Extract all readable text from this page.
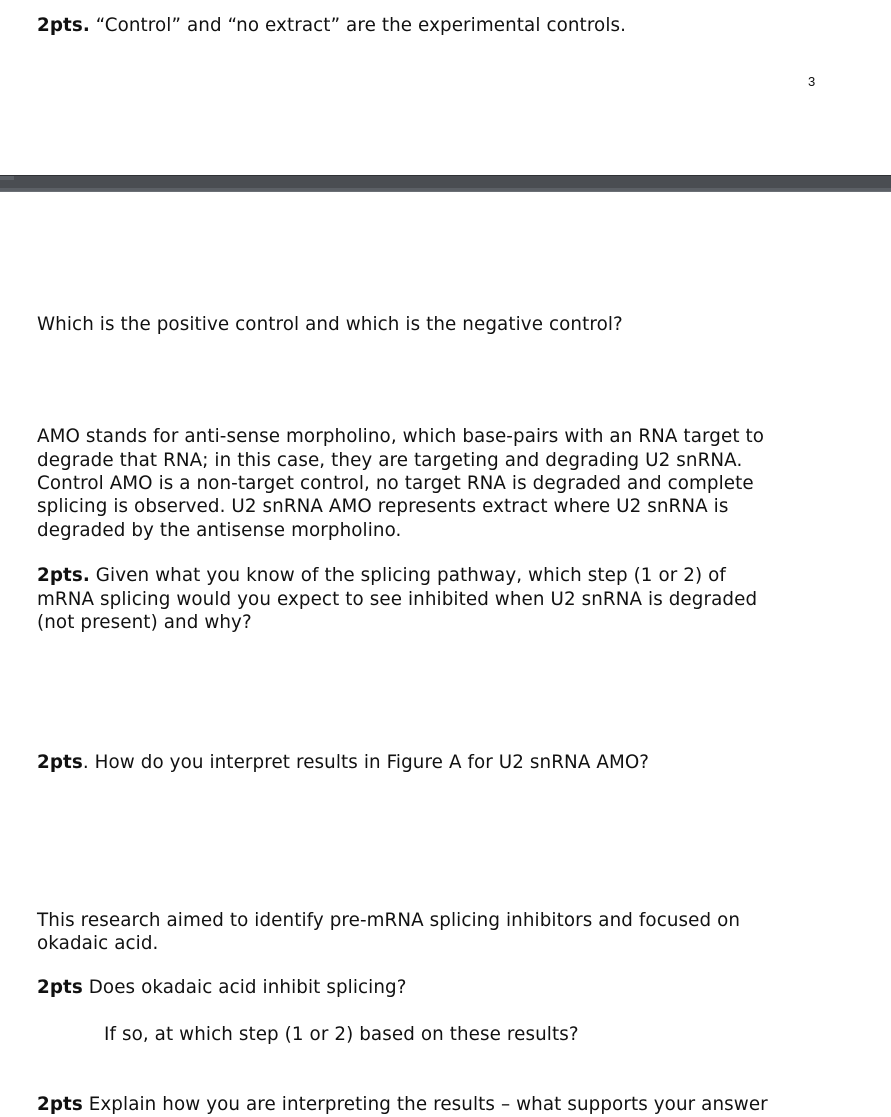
2pts. “Control” and “no extract” are the experimental controls.

3

Which is the positive control and which is the negative control?

AMO stands for anti-sense morpholino, which base-pairs with an RNA target to

degrade that RNA; in this case, they are targeting and degrading U2 snRNA.

Control AMO is a non-target control, no target RNA is degraded and complete

splicing is observed. U2 snRNA AMO represents extract where U2 snRNA is

degraded by the antisense morpholino.

2pts. Given what you know of the splicing pathway, which step (1 or 2) of

mRNA splicing would you expect to see inhibited when U2 snRNA is degraded

(not present) and why?

2pts. How do you interpret results in Figure A for U2 snRNA AMO?

This research aimed to identify pre-mRNA splicing inhibitors and focused on

okadaic acid.

2pts Does okadaic acid inhibit splicing?

If so, at which step (1 or 2) based on these results?

2pts Explain how you are interpreting the results – what supports your answer
